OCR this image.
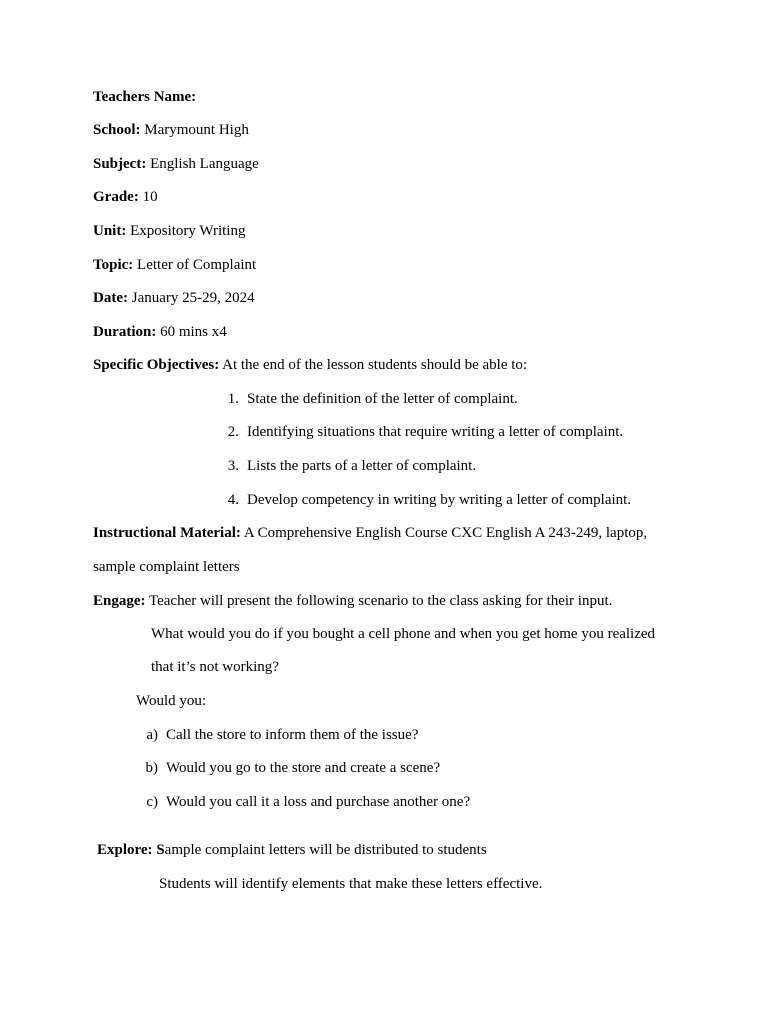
Teachers Name:
School: Marymount High
Subject: English Language
Grade: 10
Unit: Expository Writing
Topic: Letter of Complaint
Date: January 25-29, 2024
Duration: 60 mins x4
Specific Objectives: At the end of the lesson students should be able to:
1. State the definition of the letter of complaint.
2. Identifying situations that require writing a letter of complaint.
3. Lists the parts of a letter of complaint.
4. Develop competency in writing by writing a letter of complaint.
Instructional Material: A Comprehensive English Course CXC English A 243-249, laptop,
sample complaint letters
Engage: Teacher will present the following scenario to the class asking for their input.
What would you do if you bought a cell phone and when you get home you realized
that it’s not working?
Would you:
a) Call the store to inform them of the issue?
b) Would you go to the store and create a scene?
c) Would you call it a loss and purchase another one?
Explore: Sample complaint letters will be distributed to students
Students will identify elements that make these letters effective.
